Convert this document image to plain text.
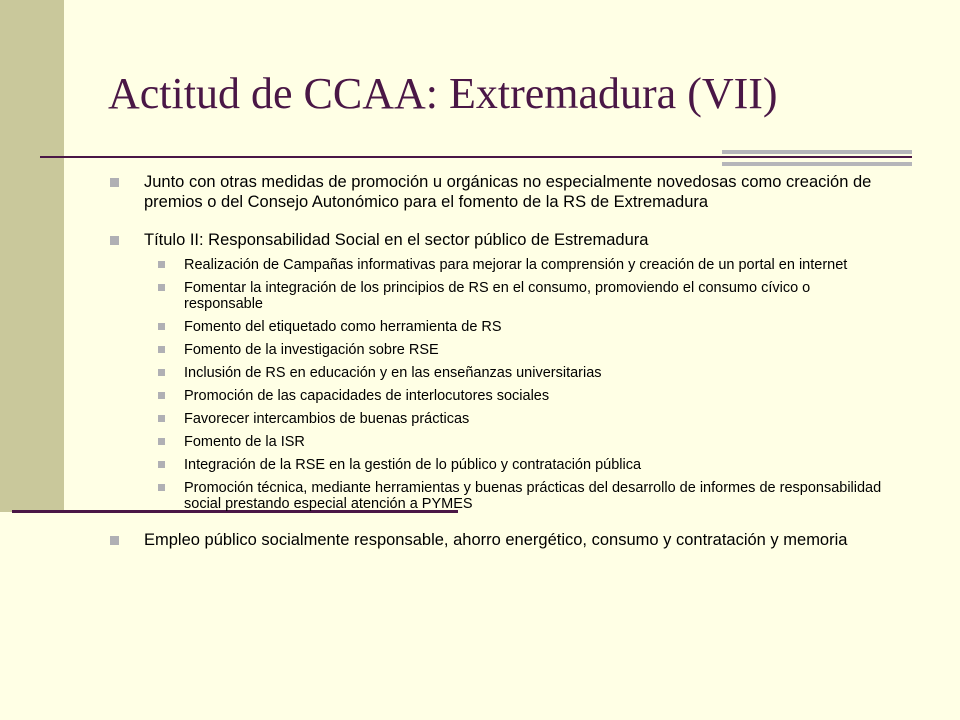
Actitud de CCAA: Extremadura (VII)
Junto con otras medidas de promoción u orgánicas no especialmente novedosas como creación de premios o del Consejo Autonómico para el fomento de la RS de Extremadura
Título II: Responsabilidad Social en el sector público de Estremadura
Realización de Campañas informativas para mejorar la comprensión y creación de un portal en internet
Fomentar la integración de los principios de RS en el consumo, promoviendo el consumo cívico o responsable
Fomento del etiquetado como herramienta de RS
Fomento de la investigación sobre RSE
Inclusión de RS en educación y en las enseñanzas universitarias
Promoción de las capacidades de interlocutores sociales
Favorecer intercambios de buenas prácticas
Fomento de la ISR
Integración de la RSE en la gestión de lo público y contratación pública
Promoción técnica, mediante herramientas y buenas prácticas del desarrollo de informes de responsabilidad social prestando especial atención a PYMES
Empleo público socialmente responsable, ahorro energético, consumo y contratación y memoria
